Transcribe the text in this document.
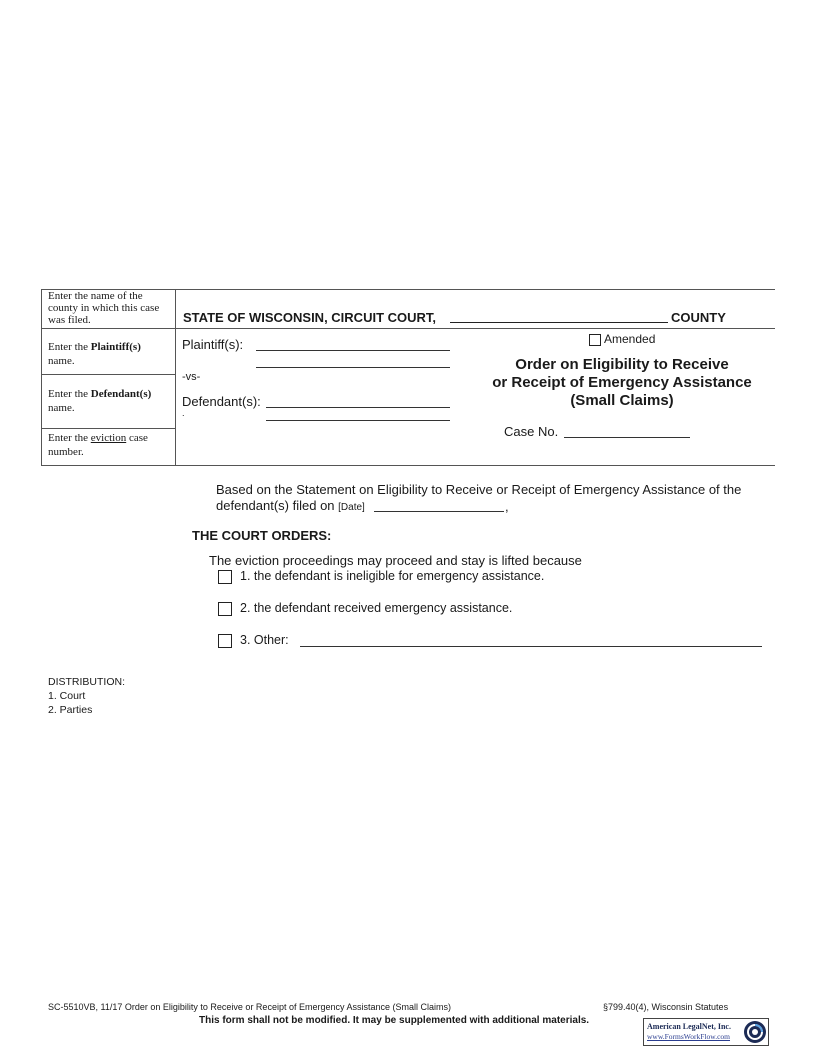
Enter the name of the county in which this case was filed.
Enter the Plaintiff(s)
name.
Enter the Defendant(s)
name.
Enter the eviction case number.
STATE OF WISCONSIN, CIRCUIT COURT,	COUNTY
Plaintiff(s):
-vs-
Defendant(s):
.
Amended
Order on Eligibility to Receive
or Receipt of Emergency Assistance
(Small Claims)
Case No.
Based on the Statement on Eligibility to Receive or Receipt of Emergency Assistance of the
defendant(s) filed on [Date]	,
THE COURT ORDERS:
The eviction proceedings may proceed and stay is lifted because
1. the defendant is ineligible for emergency assistance.
2. the defendant received emergency assistance.
3. Other:
DISTRIBUTION:
1. Court
2. Parties
SC-5510VB, 11/17 Order on Eligibility to Receive or Receipt of Emergency Assistance (Small Claims)	§799.40(4), Wisconsin Statutes
This form shall not be modified. It may be supplemented with additional materials.
American LegalNet, Inc.
www.FormsWorkFlow.com
